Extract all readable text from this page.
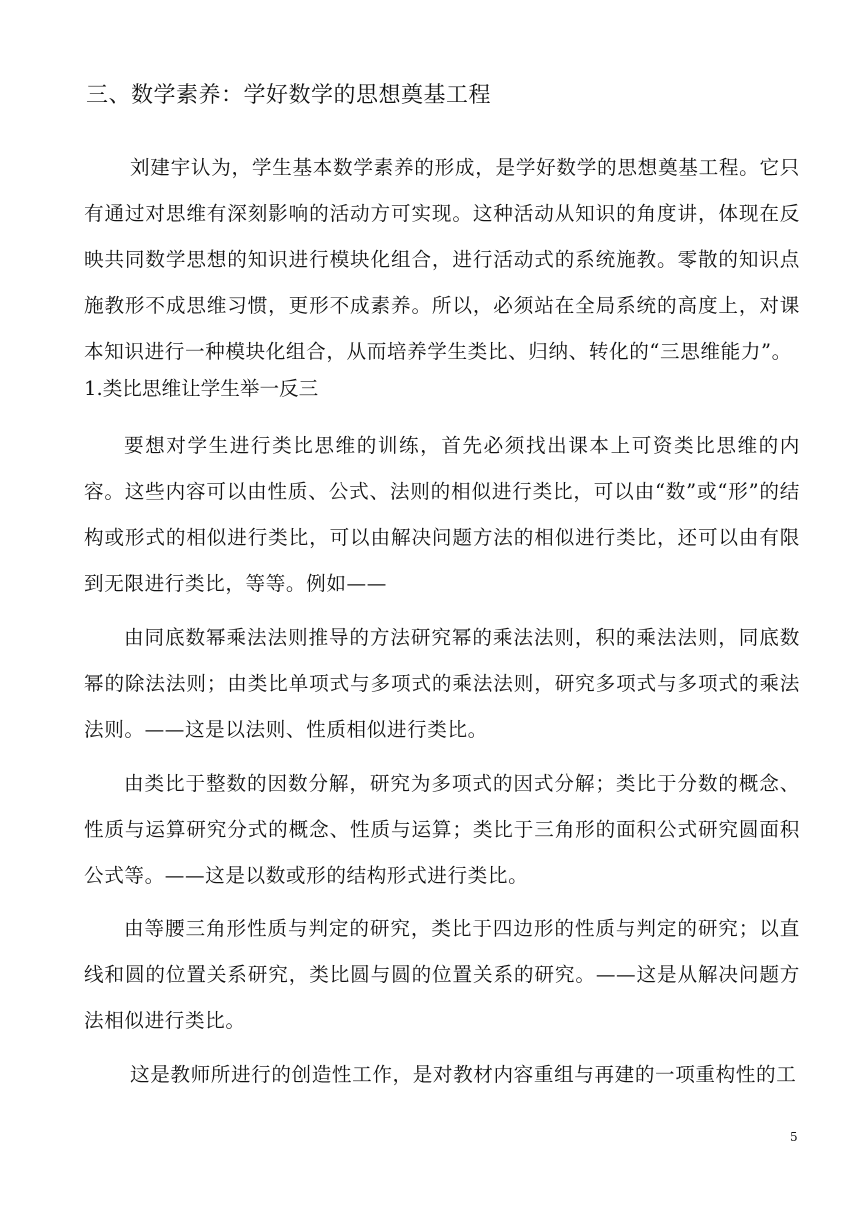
三、数学素养：学好数学的思想奠基工程
刘建宇认为，学生基本数学素养的形成，是学好数学的思想奠基工程。它只有通过对思维有深刻影响的活动方可实现。这种活动从知识的角度讲，体现在反映共同数学思想的知识进行模块化组合，进行活动式的系统施教。零散的知识点施教形不成思维习惯，更形不成素养。所以，必须站在全局系统的高度上，对课本知识进行一种模块化组合，从而培养学生类比、归纳、转化的“三思维能力”。
1.类比思维让学生举一反三
要想对学生进行类比思维的训练，首先必须找出课本上可资类比思维的内容。这些内容可以由性质、公式、法则的相似进行类比，可以由“数”或“形”的结构或形式的相似进行类比，可以由解决问题方法的相似进行类比，还可以由有限到无限进行类比，等等。例如——
由同底数幂乘法法则推导的方法研究幂的乘法法则，积的乘法法则，同底数幂的除法法则；由类比单项式与多项式的乘法法则，研究多项式与多项式的乘法法则。——这是以法则、性质相似进行类比。
由类比于整数的因数分解，研究为多项式的因式分解；类比于分数的概念、性质与运算研究分式的概念、性质与运算；类比于三角形的面积公式研究圆面积公式等。——这是以数或形的结构形式进行类比。
由等腰三角形性质与判定的研究，类比于四边形的性质与判定的研究；以直线和圆的位置关系研究，类比圆与圆的位置关系的研究。——这是从解决问题方法相似进行类比。
这是教师所进行的创造性工作，是对教材内容重组与再建的一项重构性的工
5
